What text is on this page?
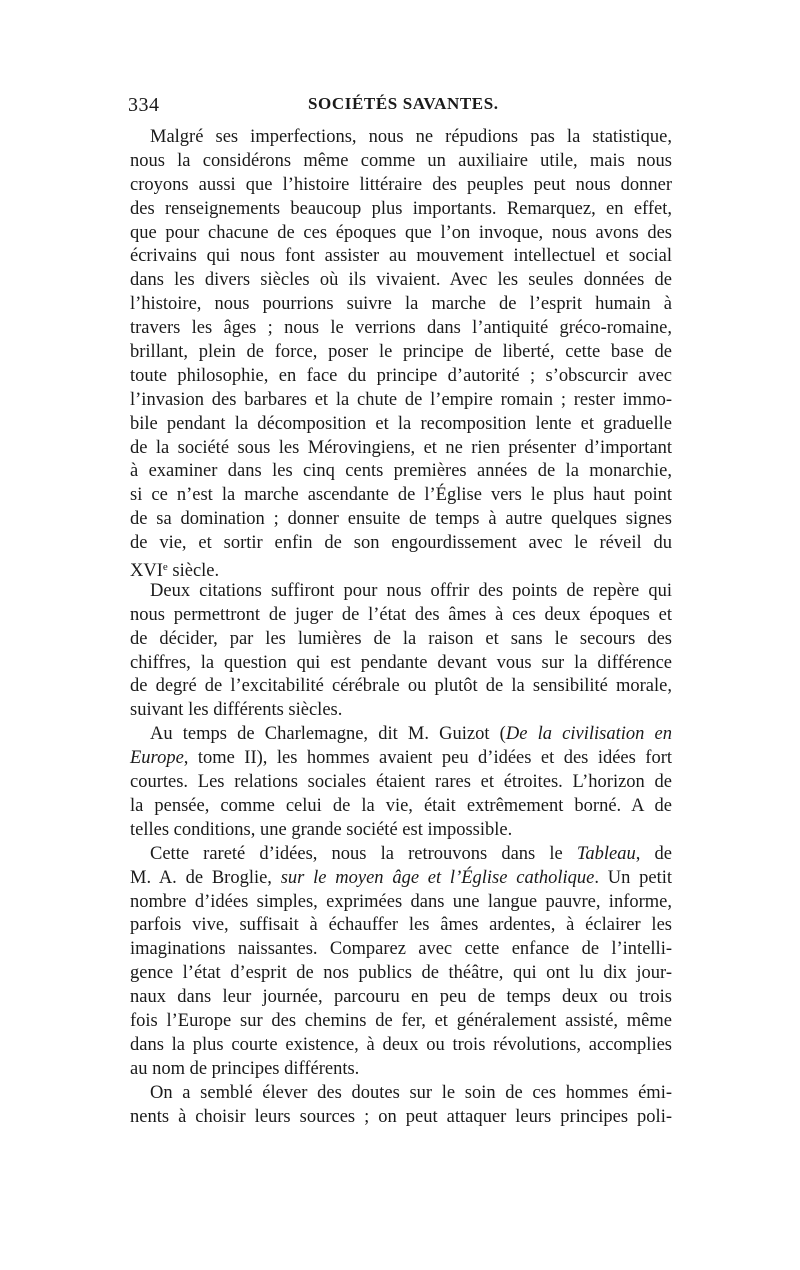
334	SOCIÉTÉS SAVANTES.
Malgré ses imperfections, nous ne répudions pas la statistique,
nous la considérons même comme un auxiliaire utile, mais nous
croyons aussi que l’histoire littéraire des peuples peut nous donner
des renseignements beaucoup plus importants. Remarquez, en effet,
que pour chacune de ces époques que l’on invoque, nous avons des
écrivains qui nous font assister au mouvement intellectuel et social
dans les divers siècles où ils vivaient. Avec les seules données de
l’histoire, nous pourrions suivre la marche de l’esprit humain à
travers les âges ; nous le verrions dans l’antiquité gréco-romaine,
brillant, plein de force, poser le principe de liberté, cette base de
toute philosophie, en face du principe d’autorité ; s’obscurcir avec
l’invasion des barbares et la chute de l’empire romain ; rester immo-
bile pendant la décomposition et la recomposition lente et graduelle
de la société sous les Mérovingiens, et ne rien présenter d’important
à examiner dans les cinq cents premières années de la monarchie,
si ce n’est la marche ascendante de l’Église vers le plus haut point
de sa domination ; donner ensuite de temps à autre quelques signes
de vie, et sortir enfin de son engourdissement avec le réveil du
XVIe siècle.
Deux citations suffiront pour nous offrir des points de repère qui
nous permettront de juger de l’état des âmes à ces deux époques et
de décider, par les lumières de la raison et sans le secours des
chiffres, la question qui est pendante devant vous sur la différence
de degré de l’excitabilité cérébrale ou plutôt de la sensibilité morale,
suivant les différents siècles.
Au temps de Charlemagne, dit M. Guizot (De la civilisation en
Europe, tome II), les hommes avaient peu d’idées et des idées fort
courtes. Les relations sociales étaient rares et étroites. L’horizon de
la pensée, comme celui de la vie, était extrêmement borné. A de
telles conditions, une grande société est impossible.
Cette rareté d’idées, nous la retrouvons dans le Tableau, de
M. A. de Broglie, sur le moyen âge et l’Église catholique. Un petit
nombre d’idées simples, exprimées dans une langue pauvre, informe,
parfois vive, suffisait à échauffer les âmes ardentes, à éclairer les
imaginations naissantes. Comparez avec cette enfance de l’intelli-
gence l’état d’esprit de nos publics de théâtre, qui ont lu dix jour-
naux dans leur journée, parcouru en peu de temps deux ou trois
fois l’Europe sur des chemins de fer, et généralement assisté, même
dans la plus courte existence, à deux ou trois révolutions, accomplies
au nom de principes différents.
On a semblé élever des doutes sur le soin de ces hommes émi-
nents à choisir leurs sources ; on peut attaquer leurs principes poli-
